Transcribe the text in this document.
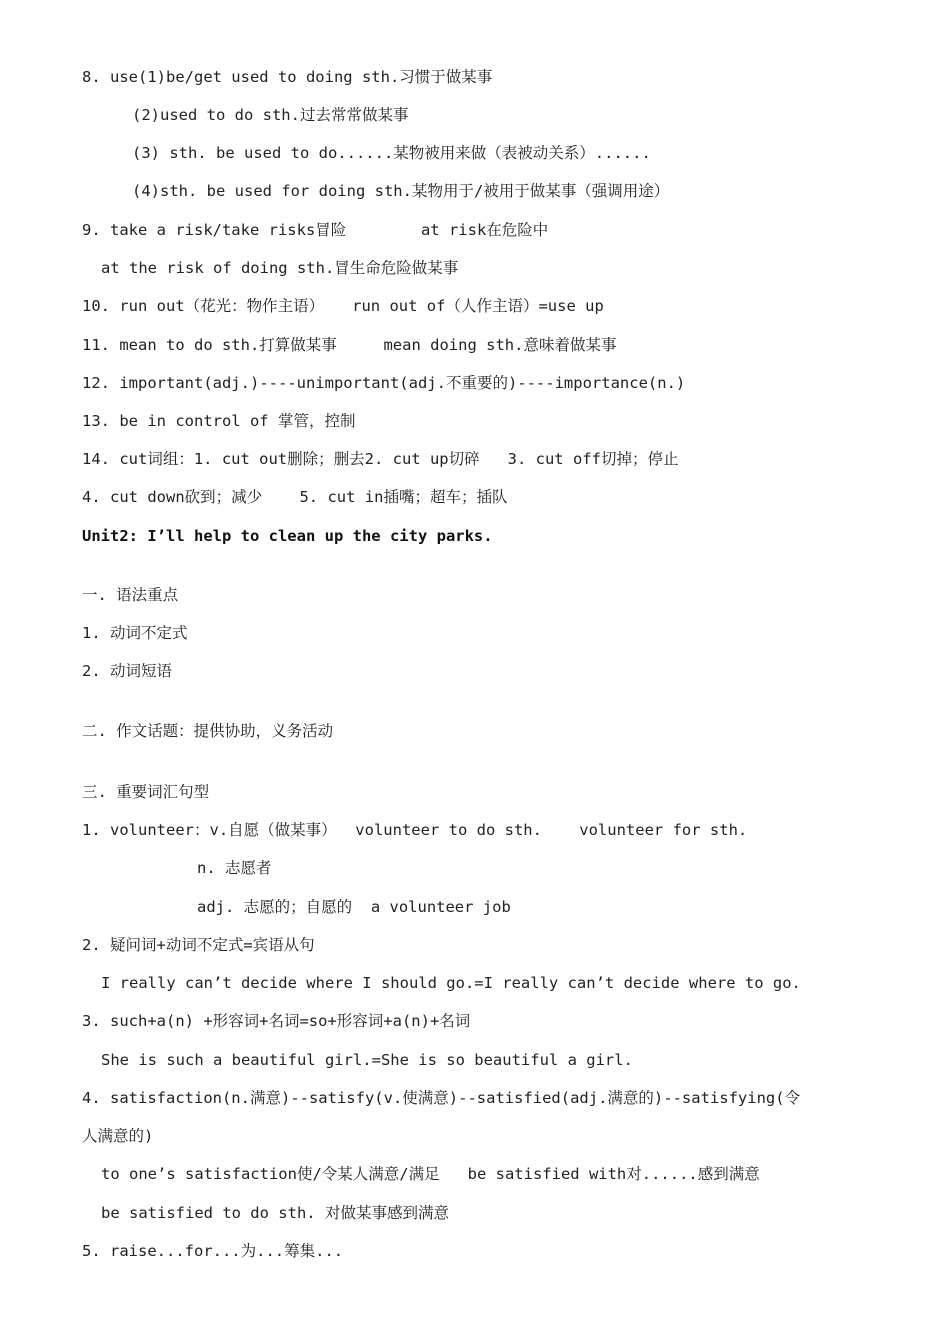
8. use(1)be/get used to doing sth.习惯于做某事
(2)used to do sth.过去常常做某事
(3) sth. be used to do......某物被用来做（表被动关系）......
(4)sth. be used for doing sth.某物用于/被用于做某事（强调用途）
9. take a risk/take risks冒险        at risk在危险中
at the risk of doing sth.冒生命危险做某事
10. run out（花光：物作主语）   run out of（人作主语）=use up
11. mean to do sth.打算做某事     mean doing sth.意味着做某事
12. important(adj.)----unimportant(adj.不重要的)----importance(n.)
13. be in control of 掌管，控制
14. cut词组：1. cut out删除；删去2. cut up切碎   3. cut off切掉；停止
4. cut down砍到；减少    5. cut in插嘴；超车；插队
Unit2: I’ll help to clean up the city parks.
一. 语法重点
1. 动词不定式
2. 动词短语
二. 作文话题：提供协助，义务活动
三. 重要词汇句型
1. volunteer：v.自愿（做某事）  volunteer to do sth.    volunteer for sth.
n. 志愿者
adj. 志愿的；自愿的  a volunteer job
2. 疑问词+动词不定式=宾语从句
I really can’t decide where I should go.=I really can’t decide where to go.
3. such+a(n) +形容词+名词=so+形容词+a(n)+名词
She is such a beautiful girl.=She is so beautiful a girl.
4. satisfaction(n.满意)--satisfy(v.使满意)--satisfied(adj.满意的)--satisfying(令
人满意的)
to one’s satisfaction使/令某人满意/满足   be satisfied with对......感到满意
be satisfied to do sth. 对做某事感到满意
5. raise...for...为...筹集...
